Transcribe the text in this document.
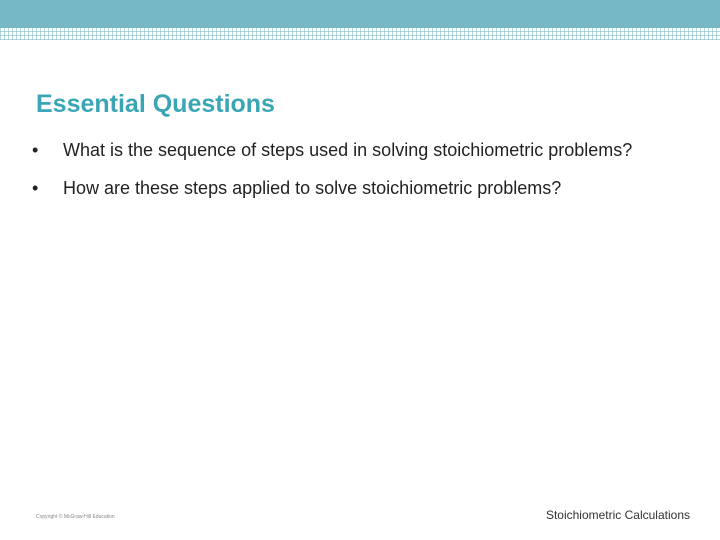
Essential Questions
• What is the sequence of steps used in solving stoichiometric problems?
• How are these steps applied to solve stoichiometric problems?
Copyright © McGraw-Hill Education	Stoichiometric Calculations
